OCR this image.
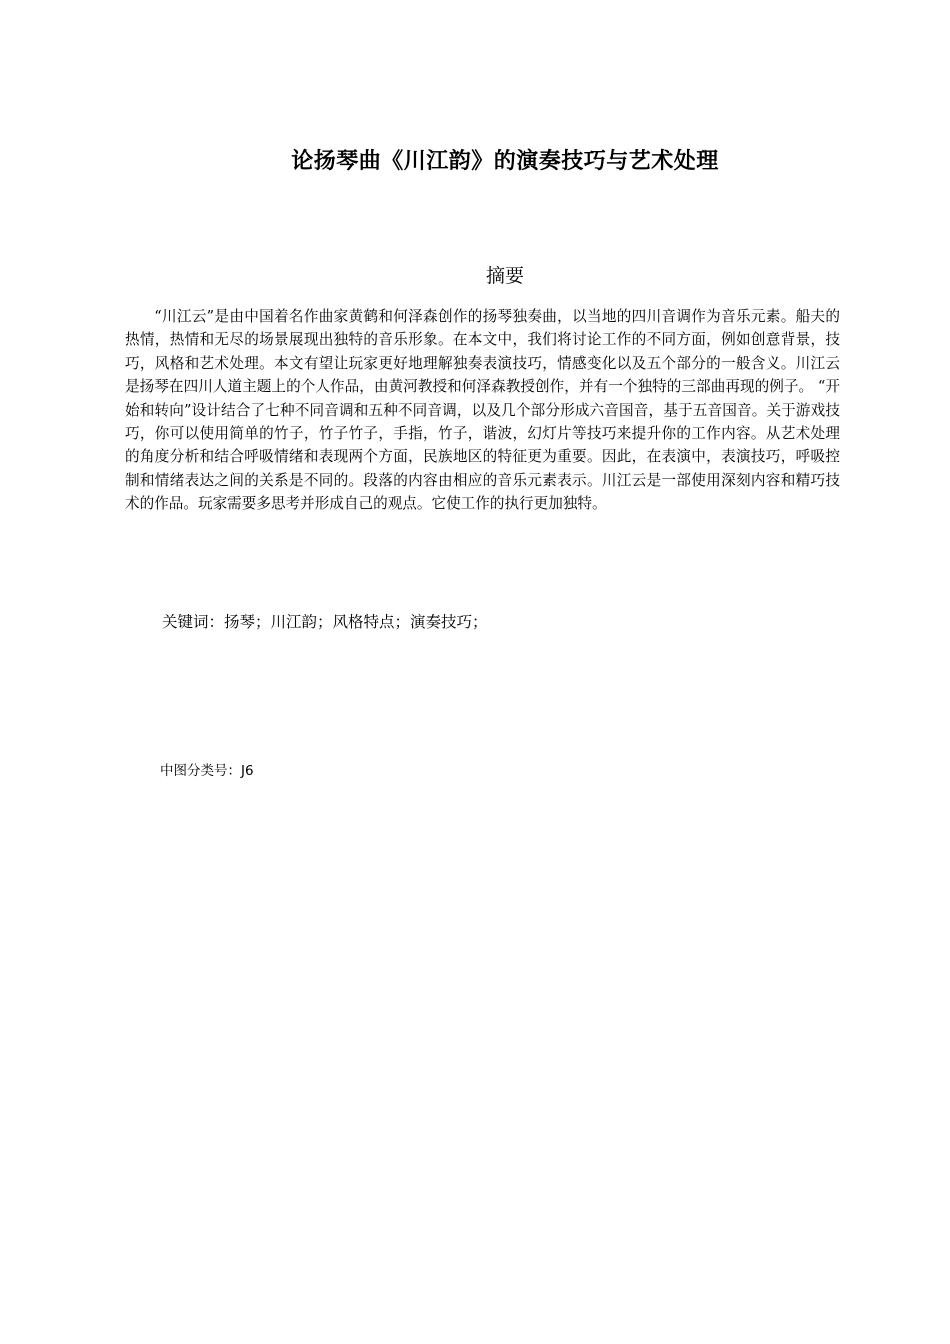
论扬琴曲《川江韵》的演奏技巧与艺术处理
摘要

“川江云”是由中国着名作曲家黄鹤和何泽森创作的扬琴独奏曲，以当地的四川音调作为音乐元素。船夫的热情，热情和无尽的场景展现出独特的音乐形象。在本文中，我们将讨论工作的不同方面，例如创意背景，技巧，风格和艺术处理。本文有望让玩家更好地理解独奏表演技巧，情感变化以及五个部分的一般含义。川江云是扬琴在四川人道主题上的个人作品，由黄河教授和何泽森教授创作，并有一个独特的三部曲再现的例子。 “开始和转向”设计结合了七种不同音调和五种不同音调，以及几个部分形成六音国音，基于五音国音。关于游戏技巧，你可以使用简单的竹子，竹子竹子，手指，竹子，谐波，幻灯片等技巧来提升你的工作内容。从艺术处理的角度分析和结合呼吸情绪和表现两个方面，民族地区的特征更为重要。因此，在表演中，表演技巧，呼吸控制和情绪表达之间的关系是不同的。段落的内容由相应的音乐元素表示。川江云是一部使用深刻内容和精巧技术的作品。玩家需要多思考并形成自己的观点。它使工作的执行更加独特。

关键词：扬琴；川江韵；风格特点；演奏技巧；
中图分类号：J6
